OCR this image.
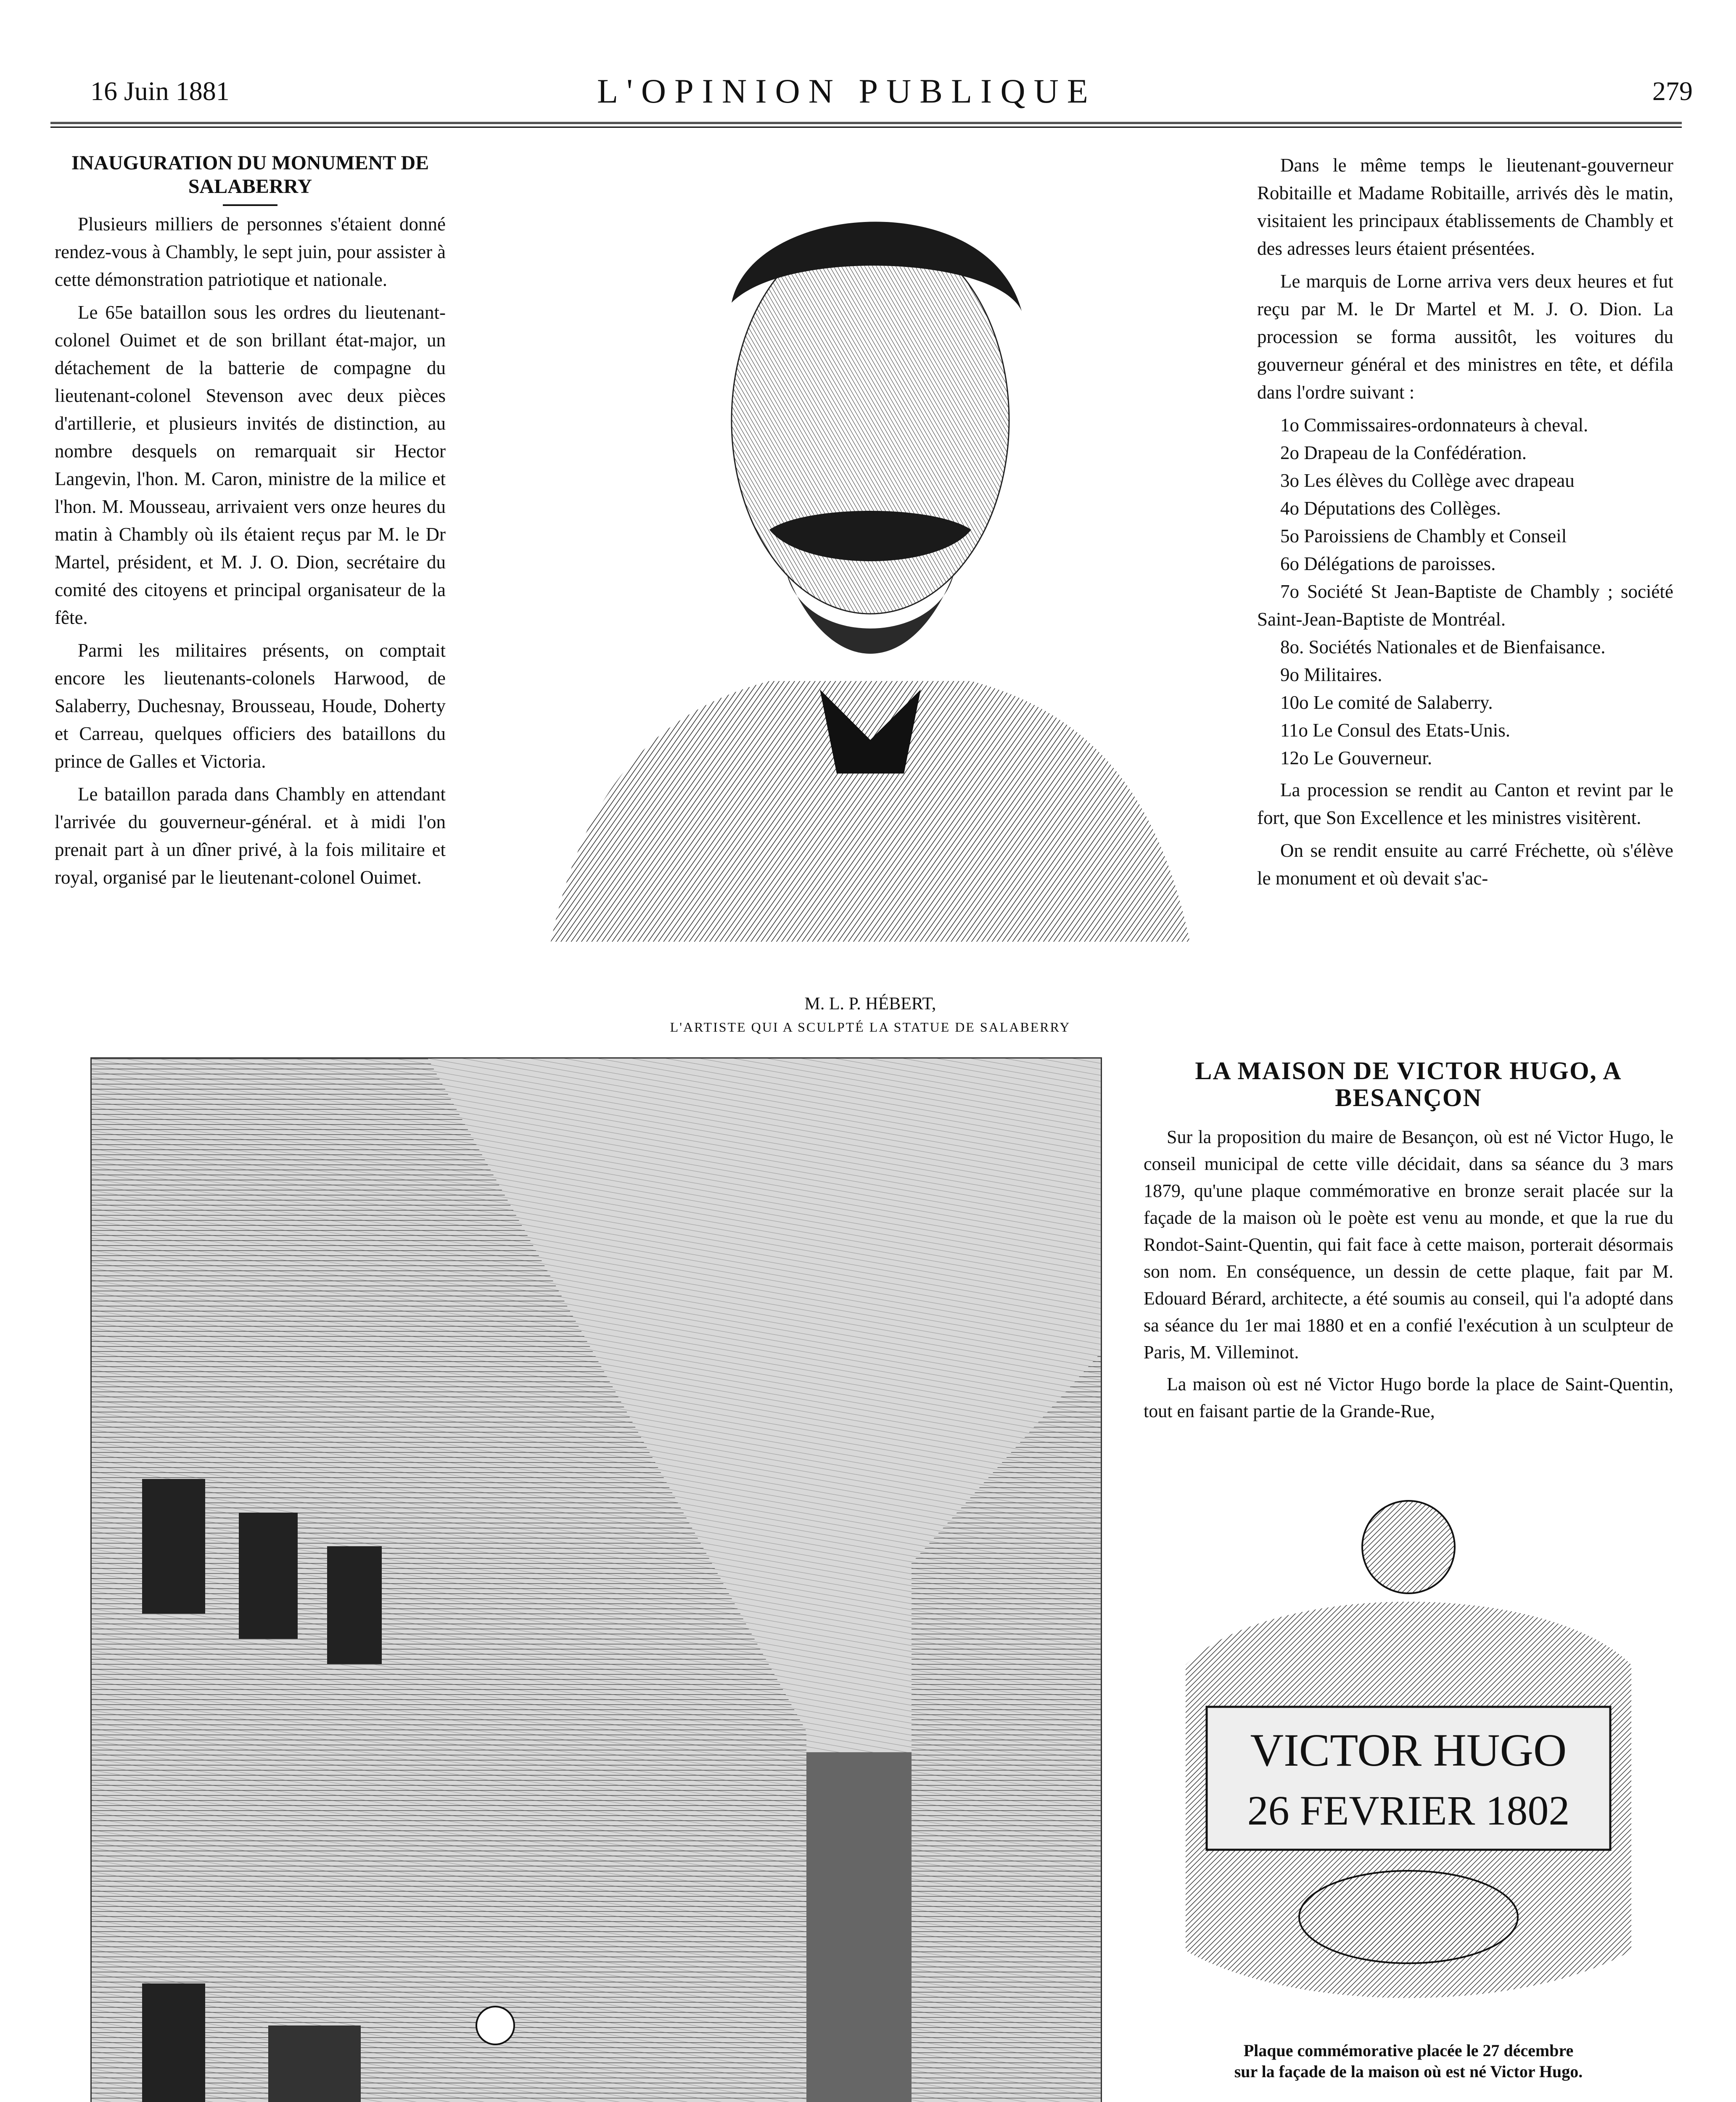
16 Juin 1881	L'OPINION PUBLIQUE	279
INAUGURATION DU MONUMENT DE SALABERRY

Plusieurs milliers de personnes s'étaient donné rendez-vous à Chambly, le sept juin, pour assister à cette démonstration patriotique et nationale.

Le 65e bataillon sous les ordres du lieutenant-colonel Ouimet et de son brillant état-major, un détachement de la batterie de compagne du lieutenant-colonel Stevenson avec deux pièces d'artillerie, et plusieurs invités de distinction, au nombre desquels on remarquait sir Hector Langevin, l'hon. M. Caron, ministre de la milice et l'hon. M. Mousseau, arrivaient vers onze heures du matin à Chambly où ils étaient reçus par M. le Dr Martel, président, et M. J. O. Dion, secrétaire du comité des citoyens et principal organisateur de la fête.

Parmi les militaires présents, on comptait encore les lieutenants-colonels Harwood, de Salaberry, Duchesnay, Brousseau, Houde, Doherty et Carreau, quelques officiers des bataillons du prince de Galles et Victoria.

Le bataillon parada dans Chambly en attendant l'arrivée du gouverneur-général. et à midi l'on prenait part à un dîner privé, à la fois militaire et royal, organisé par le lieutenant-colonel Ouimet.

M. L. P. HÉBERT,
L'ARTISTE QUI A SCULPTÉ LA STATUE DE SALABERRY

Dans le même temps le lieutenant-gouverneur Robitaille et Madame Robitaille, arrivés dès le matin, visitaient les principaux établissements de Chambly et des adresses leurs étaient présentées.

Le marquis de Lorne arriva vers deux heures et fut reçu par M. le Dr Martel et M. J. O. Dion. La procession se forma aussitôt, les voitures du gouverneur général et des ministres en tête, et défila dans l'ordre suivant :

1o Commissaires-ordonnateurs à cheval.
2o Drapeau de la Confédération.
3o Les élèves du Collège avec drapeau
4o Députations des Collèges.
5o Paroissiens de Chambly et Conseil
6o Délégations de paroisses.
7o Société St Jean-Baptiste de Chambly ; société Saint-Jean-Baptiste de Montréal.
8o. Sociétés Nationales et de Bienfaisance.
9o Militaires.
10o Le comité de Salaberry.
11o Le Consul des Etats-Unis.
12o Le Gouverneur.

La procession se rendit au Canton et revint par le fort, que Son Excellence et les ministres visitèrent.

On se rendit ensuite au carré Fréchette, où s'élève le monument et où devait s'ac-

LA MAISON DE VICTOR HUGO, A BESANÇON

Sur la proposition du maire de Besançon, où est né Victor Hugo, le conseil municipal de cette ville décidait, dans sa séance du 3 mars 1879, qu'une plaque commémorative en bronze serait placée sur la façade de la maison où le poète est venu au monde, et que la rue du Rondot-Saint-Quentin, qui fait face à cette maison, porterait désormais son nom. En conséquence, un dessin de cette plaque, fait par M. Edouard Bérard, architecte, a été soumis au conseil, qui l'a adopté dans sa séance du 1er mai 1880 et en a confié l'exécution à un sculpteur de Paris, M. Villeminot.

La maison où est né Victor Hugo borde la place de Saint-Quentin, tout en faisant partie de la Grande-Rue,

VICTOR HUGO
26 FEVRIER 1802
Plaque commémorative placée le 27 décembre
sur la façade de la maison où est né Victor Hugo.
